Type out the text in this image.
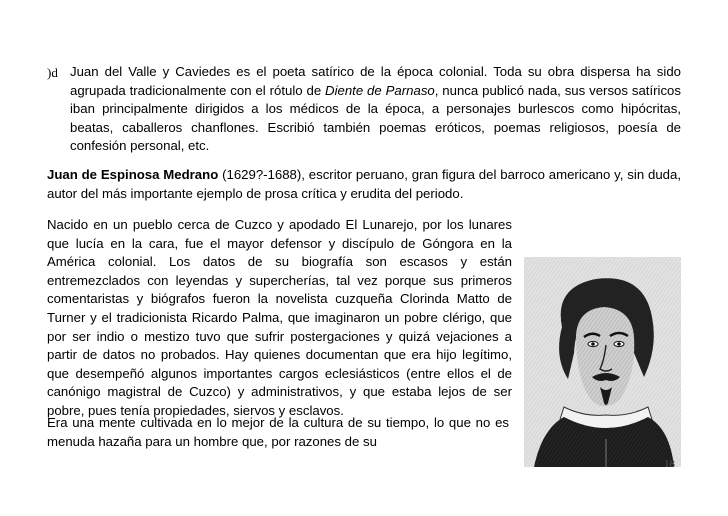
)d Juan del Valle y Caviedes es el poeta satírico de la época colonial. Toda su obra dispersa ha sido agrupada tradicionalmente con el rótulo de Diente de Parnaso, nunca publicó nada, sus versos satíricos iban principalmente dirigidos a los médicos de la época, a personajes burlescos como hipócritas, beatas, caballeros chanflones. Escribió también poemas eróticos, poemas religiosos, poesía de confesión personal, etc.

Juan de Espinosa Medrano (1629?-1688), escritor peruano, gran figura del barroco americano y, sin duda, autor del más importante ejemplo de prosa crítica y erudita del periodo.

Nacido en un pueblo cerca de Cuzco y apodado El Lunarejo, por los lunares que lucía en la cara, fue el mayor defensor y discípulo de Góngora en la América colonial. Los datos de su biografía son escasos y están entremezclados con leyendas y supercherías, tal vez porque sus primeros comentaristas y biógrafos fueron la novelista cuzqueña Clorinda Matto de Turner y el tradicionista Ricardo Palma, que imaginaron un pobre clérigo, que por ser indio o mestizo tuvo que sufrir postergaciones y quizá vejaciones a partir de datos no probados. Hay quienes documentan que era hijo legítimo, que desempeñó algunos importantes cargos eclesiásticos (entre ellos el de canónigo magistral de Cuzco) y administrativos, y que estaba lejos de ser pobre, pues tenía propiedades, siervos y esclavos.

Era una mente cultivada en lo mejor de la cultura de su tiempo, lo que no es menuda hazaña para un hombre que, por razones de su

18
